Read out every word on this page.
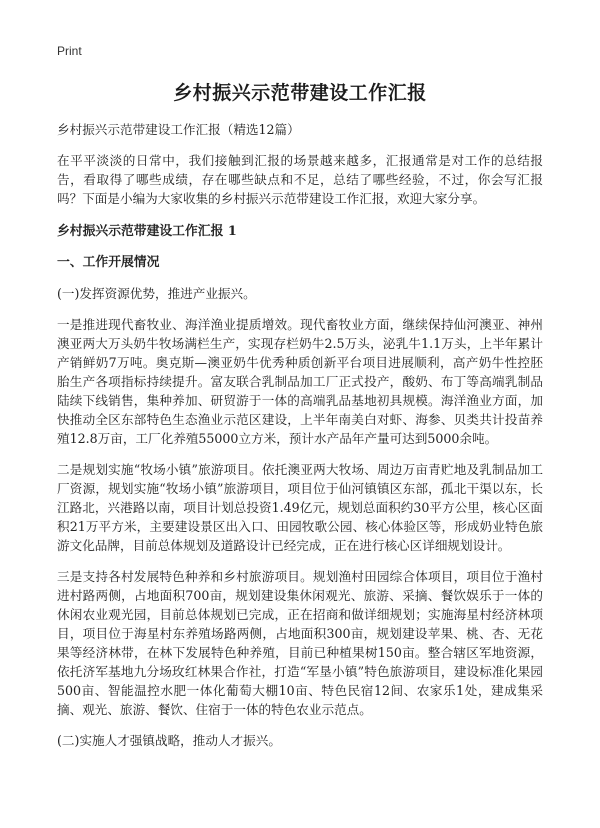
Print
乡村振兴示范带建设工作汇报

乡村振兴示范带建设工作汇报（精选12篇）

在平平淡淡的日常中，我们接触到汇报的场景越来越多，汇报通常是对工作的总结报告，看取得了哪些成绩，存在哪些缺点和不足，总结了哪些经验，不过，你会写汇报吗？下面是小编为大家收集的乡村振兴示范带建设工作汇报，欢迎大家分享。

乡村振兴示范带建设工作汇报 1
一、工作开展情况
(一)发挥资源优势，推进产业振兴。

一是推进现代畜牧业、海洋渔业提质增效。现代畜牧业方面，继续保持仙河澳亚、神州澳亚两大万头奶牛牧场满栏生产，实现存栏奶牛2.5万头，泌乳牛1.1万头，上半年累计产销鲜奶7万吨。奥克斯—澳亚奶牛优秀种质创新平台项目进展顺利，高产奶牛性控胚胎生产各项指标持续提升。富友联合乳制品加工厂正式投产，酸奶、布丁等高端乳制品陆续下线销售，集种养加、研贸游于一体的高端乳品基地初具规模。海洋渔业方面，加快推动全区东部特色生态渔业示范区建设，上半年南美白对虾、海参、贝类共计投苗养殖12.8万亩，工厂化养殖55000立方米，预计水产品年产量可达到5000余吨。

二是规划实施“牧场小镇”旅游项目。依托澳亚两大牧场、周边万亩青贮地及乳制品加工厂资源，规划实施“牧场小镇”旅游项目，项目位于仙河镇镇区东部，孤北干渠以东，长江路北，兴港路以南，项目计划总投资1.49亿元，规划总面积约30平方公里，核心区面积21万平方米，主要建设景区出入口、田园牧歌公园、核心体验区等，形成奶业特色旅游文化品牌，目前总体规划及道路设计已经完成，正在进行核心区详细规划设计。

三是支持各村发展特色种养和乡村旅游项目。规划渔村田园综合体项目，项目位于渔村进村路两侧，占地面积700亩，规划建设集休闲观光、旅游、采摘、餐饮娱乐于一体的休闲农业观光园，目前总体规划已完成，正在招商和做详细规划；实施海星村经济林项目，项目位于海星村东养殖场路两侧，占地面积300亩，规划建设苹果、桃、杏、无花果等经济林带，在林下发展特色种养殖，目前已种植果树150亩。整合辖区军地资源，依托济军基地九分场玫红林果合作社，打造“军垦小镇”特色旅游项目，建设标准化果园500亩、智能温控水肥一体化葡萄大棚10亩、特色民宿12间、农家乐1处，建成集采摘、观光、旅游、餐饮、住宿于一体的特色农业示范点。

(二)实施人才强镇战略，推动人才振兴。
